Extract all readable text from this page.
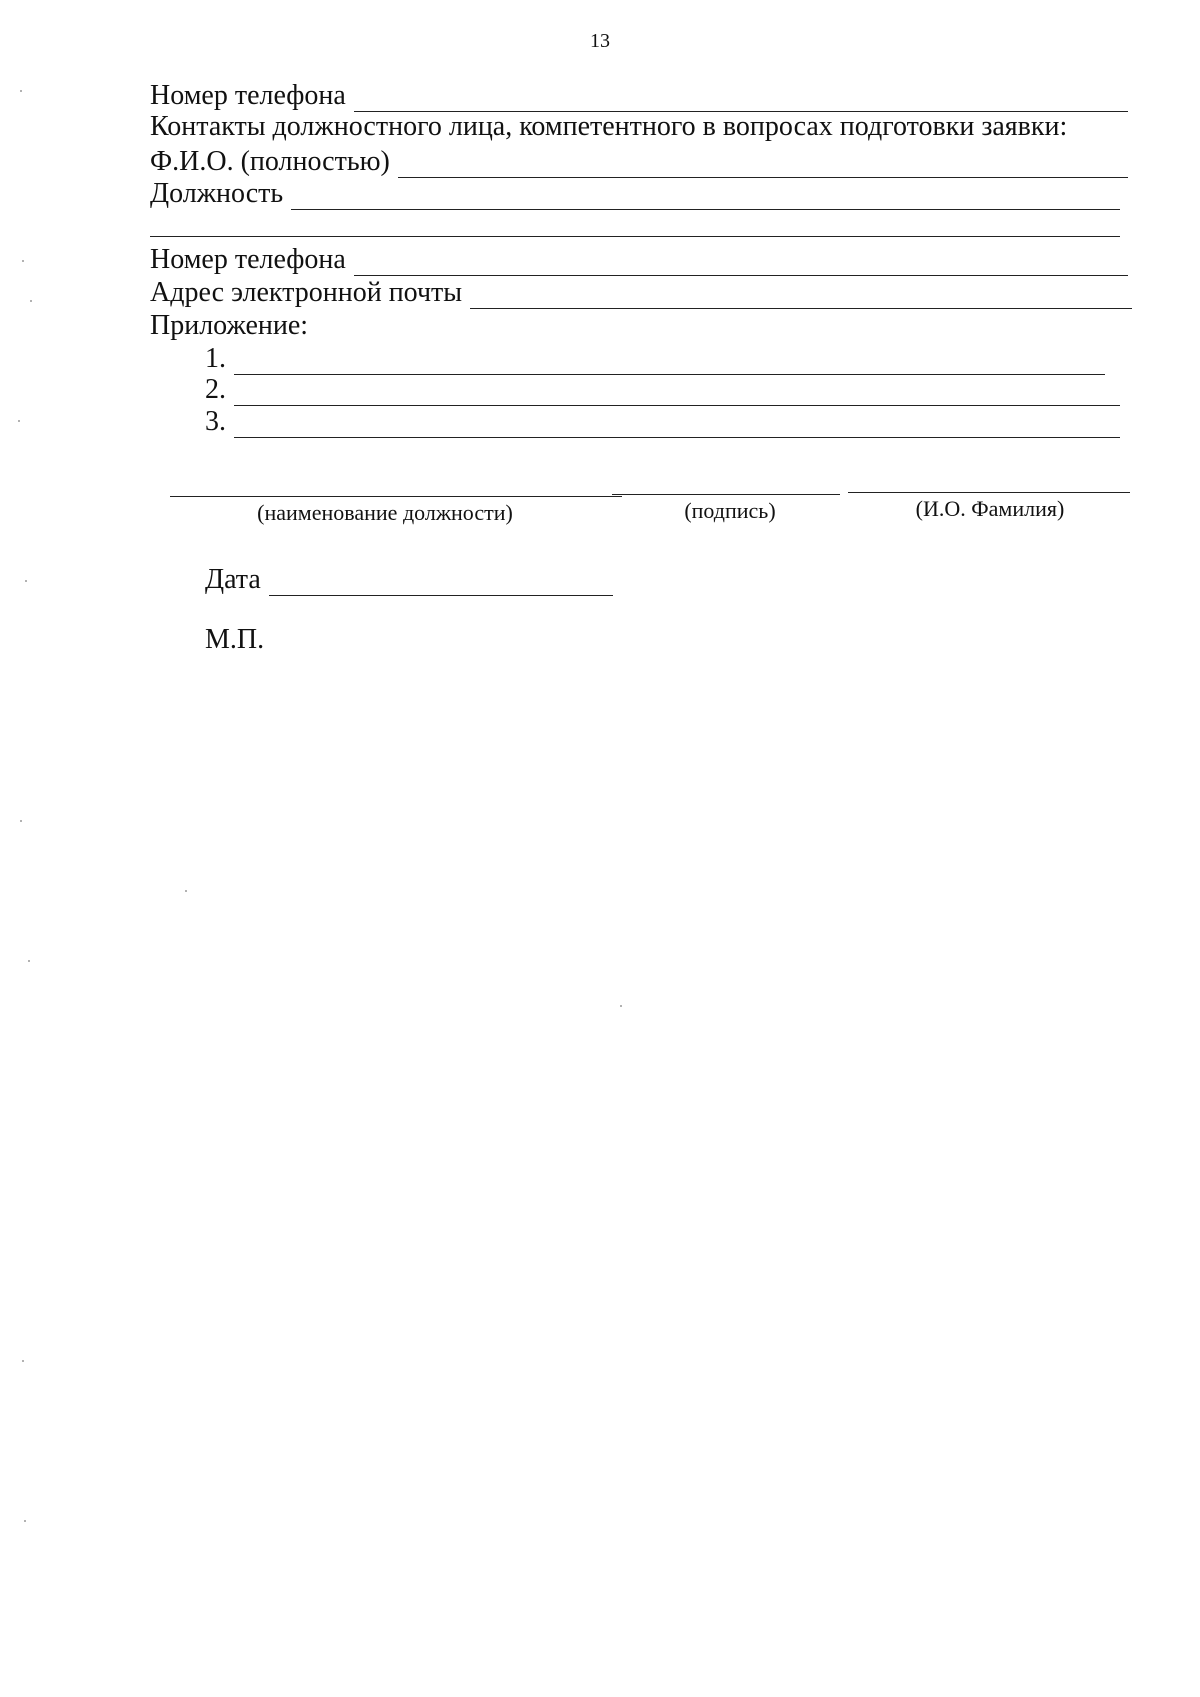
13
Номер телефона
Контакты должностного лица, компетентного в вопросах подготовки заявки:
Ф.И.О. (полностью)
Должность
Номер телефона
Адрес электронной почты
Приложение:
1.
2.
3.
(наименование должности)	(подпись)	(И.О. Фамилия)
Дата
М.П.
